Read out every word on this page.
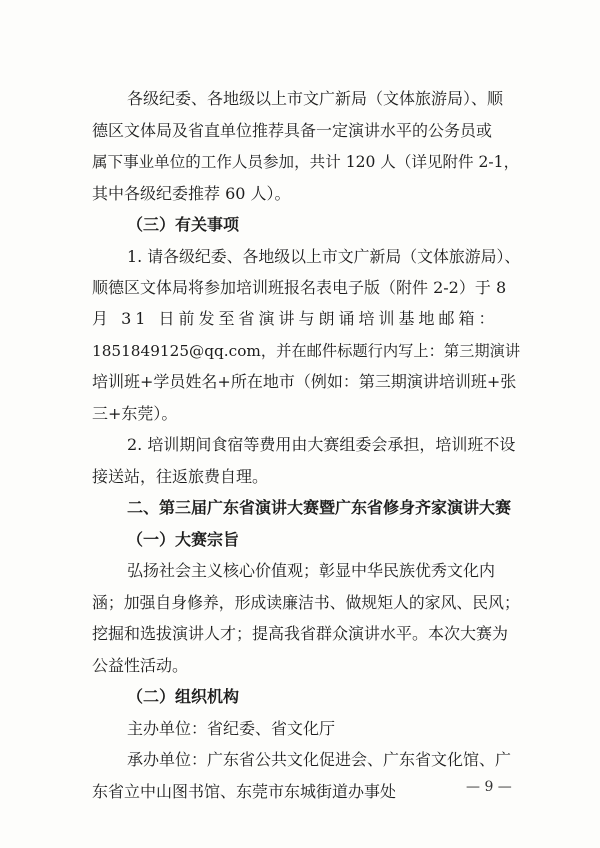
各级纪委、各地级以上市文广新局（文体旅游局）、顺
德区文体局及省直单位推荐具备一定演讲水平的公务员或
属下事业单位的工作人员参加，共计 120 人（详见附件 2-1，
其中各级纪委推荐 60 人）。
（三）有关事项
1. 请各级纪委、各地级以上市文广新局（文体旅游局）、
顺德区文体局将参加培训班报名表电子版（附件 2-2）于 8
月 31 日前发至省演讲与朗诵培训基地邮箱：
1851849125@qq.com，并在邮件标题行内写上：第三期演讲
培训班+学员姓名+所在地市（例如：第三期演讲培训班+张
三+东莞）。
2. 培训期间食宿等费用由大赛组委会承担，培训班不设
接送站，往返旅费自理。
二、第三届广东省演讲大赛暨广东省修身齐家演讲大赛
（一）大赛宗旨
弘扬社会主义核心价值观；彰显中华民族优秀文化内
涵；加强自身修养，形成读廉洁书、做规矩人的家风、民风；
挖掘和选拔演讲人才；提高我省群众演讲水平。本次大赛为
公益性活动。
（二）组织机构
主办单位：省纪委、省文化厅
承办单位：广东省公共文化促进会、广东省文化馆、广
东省立中山图书馆、东莞市东城街道办事处	— 9 —
